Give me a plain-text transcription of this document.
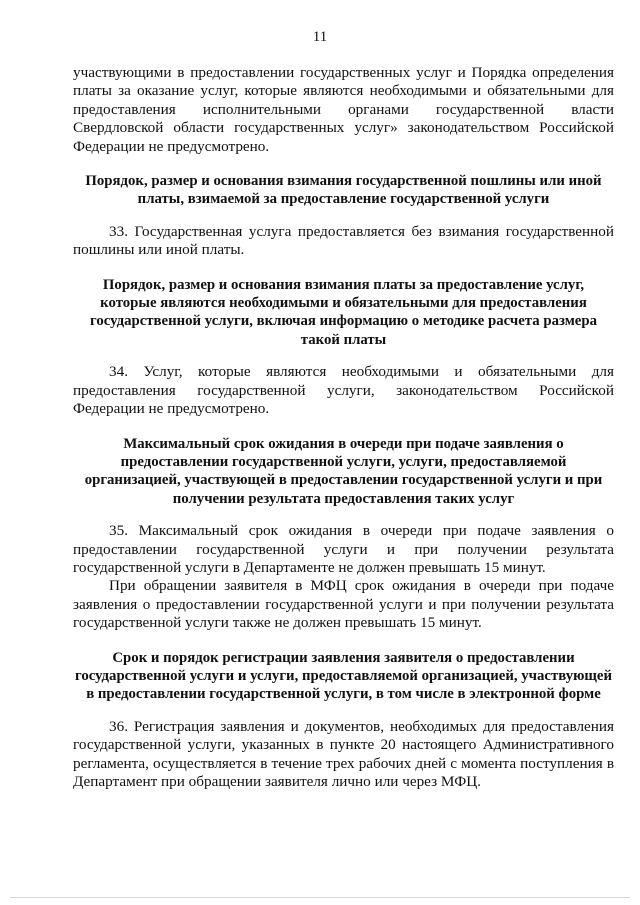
11

участвующими в предоставлении государственных услуг и Порядка определения платы за оказание услуг, которые являются необходимыми и обязательными для предоставления исполнительными органами государственной власти Свердловской области государственных услуг» законодательством Российской Федерации не предусмотрено.

Порядок, размер и основания взимания государственной пошлины или иной платы, взимаемой за предоставление государственной услуги

33. Государственная услуга предоставляется без взимания государственной пошлины или иной платы.

Порядок, размер и основания взимания платы за предоставление услуг, которые являются необходимыми и обязательными для предоставления государственной услуги, включая информацию о методике расчета размера такой платы

34. Услуг, которые являются необходимыми и обязательными для предоставления государственной услуги, законодательством Российской Федерации не предусмотрено.

Максимальный срок ожидания в очереди при подаче заявления о предоставлении государственной услуги, услуги, предоставляемой организацией, участвующей в предоставлении государственной услуги и при получении результата предоставления таких услуг

35. Максимальный срок ожидания в очереди при подаче заявления о предоставлении государственной услуги и при получении результата государственной услуги в Департаменте не должен превышать 15 минут.

При обращении заявителя в МФЦ срок ожидания в очереди при подаче заявления о предоставлении государственной услуги и при получении результата государственной услуги также не должен превышать 15 минут.

Срок и порядок регистрации заявления заявителя о предоставлении государственной услуги и услуги, предоставляемой организацией, участвующей в предоставлении государственной услуги, в том числе в электронной форме

36. Регистрация заявления и документов, необходимых для предоставления государственной услуги, указанных в пункте 20 настоящего Административного регламента, осуществляется в течение трех рабочих дней с момента поступления в Департамент при обращении заявителя лично или через МФЦ.
